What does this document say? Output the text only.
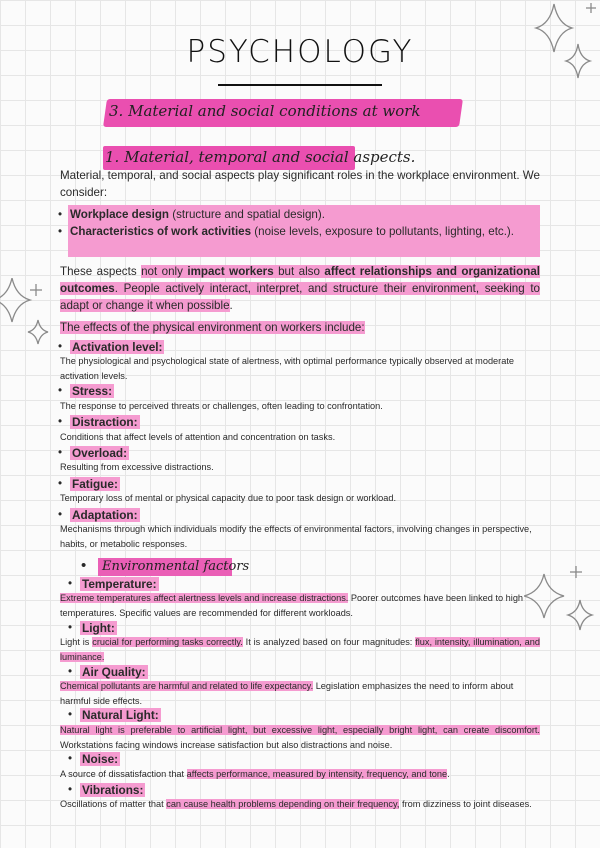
PSYCHOLOGY
3. Material and social conditions at work
1. Material, temporal and social aspects.
Material, temporal, and social aspects play significant roles in the workplace environment. We consider:
• Workplace design (structure and spatial design).
• Characteristics of work activities (noise levels, exposure to pollutants, lighting, etc.).
These aspects not only impact workers but also affect relationships and organizational outcomes. People actively interact, interpret, and structure their environment, seeking to adapt or change it when possible.
The effects of the physical environment on workers include:
• Activation level:
The physiological and psychological state of alertness, with optimal performance typically observed at moderate activation levels.
• Stress:
The response to perceived threats or challenges, often leading to confrontation.
• Distraction:
Conditions that affect levels of attention and concentration on tasks.
• Overload:
Resulting from excessive distractions.
• Fatigue:
Temporary loss of mental or physical capacity due to poor task design or workload.
• Adaptation:
Mechanisms through which individuals modify the effects of environmental factors, involving changes in perspective, habits, or metabolic responses.
• Environmental factors
• Temperature:
Extreme temperatures affect alertness levels and increase distractions. Poorer outcomes have been linked to high temperatures. Specific values are recommended for different workloads.
• Light:
Light is crucial for performing tasks correctly. It is analyzed based on four magnitudes: flux, intensity, illumination, and luminance.
• Air Quality:
Chemical pollutants are harmful and related to life expectancy. Legislation emphasizes the need to inform about harmful side effects.
• Natural Light:
Natural light is preferable to artificial light, but excessive light, especially bright light, can create discomfort. Workstations facing windows increase satisfaction but also distractions and noise.
• Noise:
A source of dissatisfaction that affects performance, measured by intensity, frequency, and tone.
• Vibrations:
Oscillations of matter that can cause health problems depending on their frequency, from dizziness to joint diseases.
